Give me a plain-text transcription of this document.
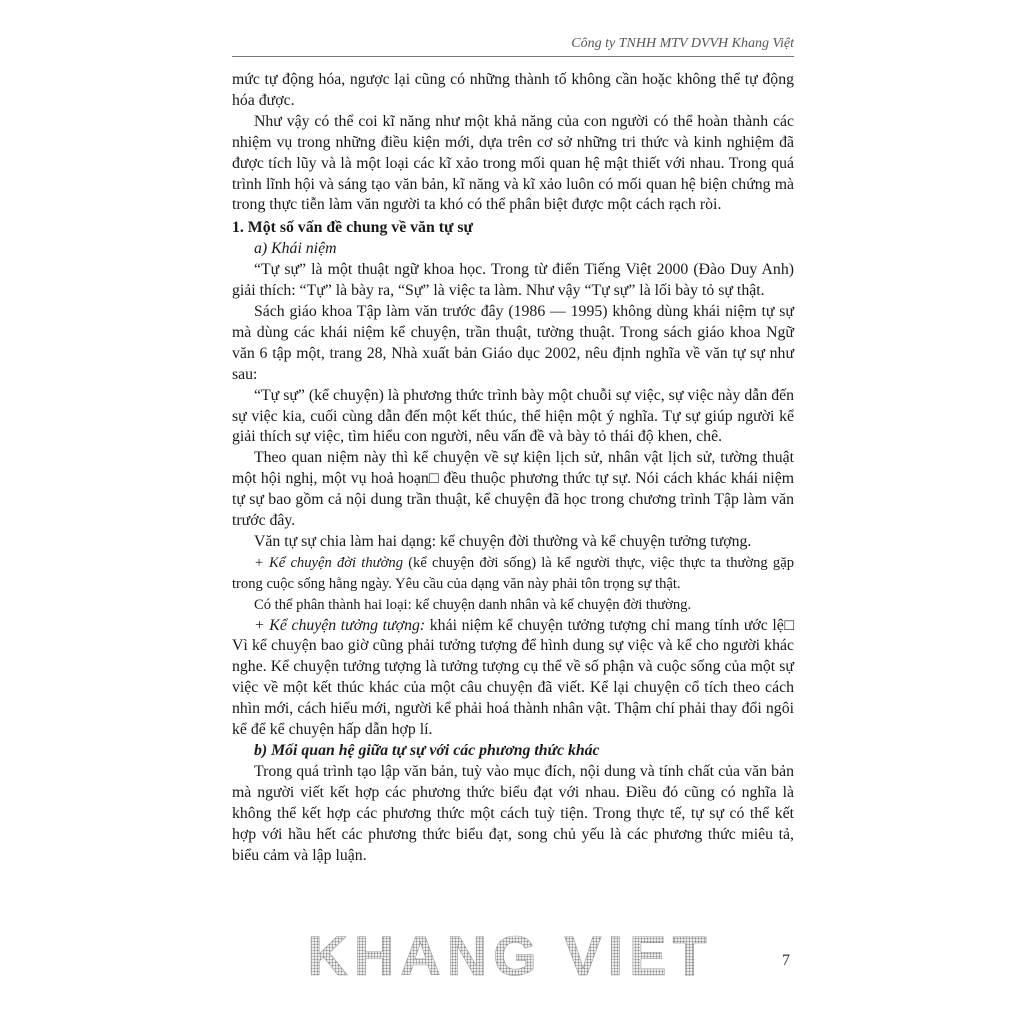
Công ty TNHH MTV DVVH Khang Việt

mức tự động hóa, ngược lại cũng có những thành tố không cần hoặc không thể tự động hóa được.

Như vậy có thể coi kĩ năng như một khả năng của con người có thể hoàn thành các nhiệm vụ trong những điều kiện mới, dựa trên cơ sở những tri thức và kinh nghiệm đã được tích lũy và là một loại các kĩ xảo trong mối quan hệ mật thiết với nhau. Trong quá trình lĩnh hội và sáng tạo văn bản, kĩ năng và kĩ xảo luôn có mối quan hệ biện chứng mà trong thực tiễn làm văn người ta khó có thể phân biệt được một cách rạch ròi.

1. Một số vấn đề chung về văn tự sự

a) Khái niệm

“Tự sự” là một thuật ngữ khoa học. Trong từ điển Tiếng Việt 2000 (Đào Duy Anh) giải thích: “Tự” là bày ra, “Sự” là việc ta làm. Như vậy “Tự sự” là lối bày tỏ sự thật.

Sách giáo khoa Tập làm văn trước đây (1986 — 1995) không dùng khái niệm tự sự mà dùng các khái niệm kể chuyện, trần thuật, tường thuật. Trong sách giáo khoa Ngữ văn 6 tập một, trang 28, Nhà xuất bản Giáo dục 2002, nêu định nghĩa về văn tự sự như sau:

“Tự sự” (kể chuyện) là phương thức trình bày một chuỗi sự việc, sự việc này dẫn đến sự việc kia, cuối cùng dẫn đến một kết thúc, thể hiện một ý nghĩa. Tự sự giúp người kể giải thích sự việc, tìm hiểu con người, nêu vấn đề và bày tỏ thái độ khen, chê.

Theo quan niệm này thì kể chuyện về sự kiện lịch sử, nhân vật lịch sử, tường thuật một hội nghị, một vụ hoả hoạn□ đều thuộc phương thức tự sự. Nói cách khác khái niệm tự sự bao gồm cả nội dung trần thuật, kể chuyện đã học trong chương trình Tập làm văn trước đây.

Văn tự sự chia làm hai dạng: kể chuyện đời thường và kể chuyện tưởng tượng.

+ Kể chuyện đời thường (kể chuyện đời sống) là kể người thực, việc thực ta thường gặp trong cuộc sống hằng ngày. Yêu cầu của dạng văn này phải tôn trọng sự thật.

Có thể phân thành hai loại: kể chuyện danh nhân và kể chuyện đời thường.

+ Kể chuyện tưởng tượng: khái niệm kể chuyện tưởng tượng chỉ mang tính ước lệ□ Vì kể chuyện bao giờ cũng phải tưởng tượng để hình dung sự việc và kể cho người khác nghe. Kể chuyện tưởng tượng là tưởng tượng cụ thể về số phận và cuộc sống của một sự việc về một kết thúc khác của một câu chuyện đã viết. Kể lại chuyện cổ tích theo cách nhìn mới, cách hiểu mới, người kể phải hoá thành nhân vật. Thậm chí phải thay đổi ngôi kể để kể chuyện hấp dẫn hợp lí.

b) Mối quan hệ giữa tự sự với các phương thức khác

Trong quá trình tạo lập văn bản, tuỳ vào mục đích, nội dung và tính chất của văn bản mà người viết kết hợp các phương thức biểu đạt với nhau. Điều đó cũng có nghĩa là không thể kết hợp các phương thức một cách tuỳ tiện. Trong thực tế, tự sự có thể kết hợp với hầu hết các phương thức biểu đạt, song chủ yếu là các phương thức miêu tả, biểu cảm và lập luận.

KHANG VIET	7
